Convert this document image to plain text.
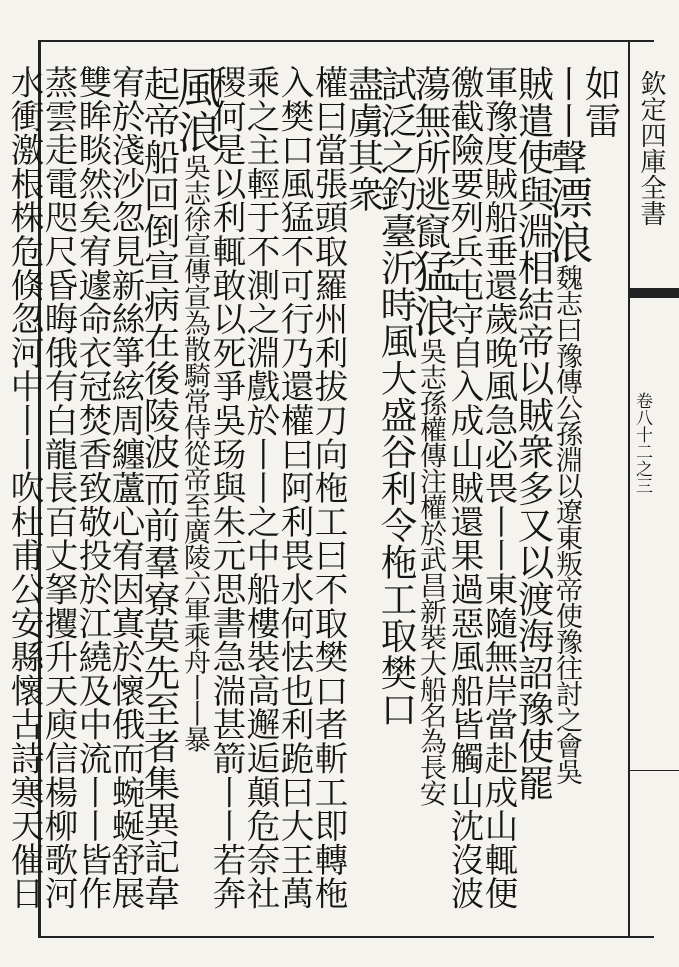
欽定四庫全書
卷八十二之三
如雷
丨丨聲漂浪魏志曰豫傳公孫淵以遼東叛帝使豫往討之會吳
賊遣使與淵相結帝以賊衆多又以渡海詔豫使罷
軍豫度賊船垂還歲晚風急必畏丨丨東隨無岸當赴成山輒便
徼截險要列兵屯守自入成山賊還果過惡風船皆觸山沈沒波
蕩無所逃竄猛浪吳志孫權傳注權於武昌新裝大船名為長安
試泛之釣臺沂時風大盛谷利令柂工取樊口
盡虜其衆
權曰當張頭取羅州利拔刀向柂工曰不取樊口者斬工即轉柂
入樊口風猛不可行乃還權曰阿利畏水何怯也利跪曰大王萬
乘之主輕于不測之淵戲於丨丨之中船樓裝高邂逅顛危奈社
稷何是以利輒敢以死爭吳玚與朱元思書急湍甚箭丨丨若奔
風浪吳志徐宣傳宣為散騎常侍從帝至廣陵六軍乘舟丨丨暴
起帝船回倒宣病在後陵波而前羣寮莫先至者集異記韋
宥於淺沙忽見新絲箏絃周纏蘆心宥因寘於懷俄而蜿蜒舒展
雙眸睒然矣宥遽命衣冠焚香致敬投於江繞及中流丨丨皆作
蒸雲走電咫尺昏晦俄有白龍長百丈拏攫升天庾信楊柳歌河
水衝激根株危倏忽河中丨丨吹杜甫公安縣懷古詩寒天催日
